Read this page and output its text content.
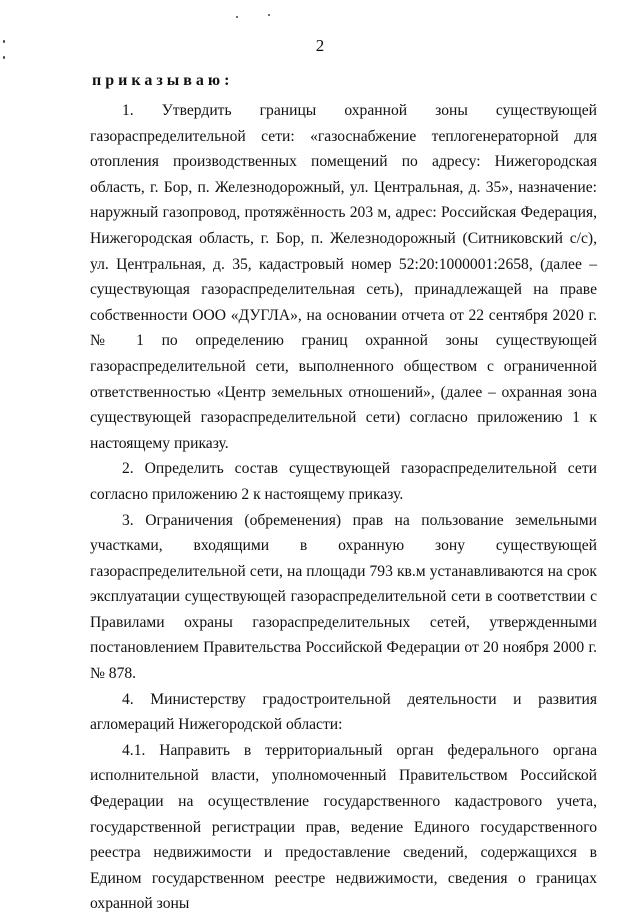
2
приказываю:

1. Утвердить границы охранной зоны существующей газораспределительной сети: «газоснабжение теплогенераторной для отопления производственных помещений по адресу: Нижегородская область, г. Бор, п. Железнодорожный, ул. Центральная, д. 35», назначение: наружный газопровод, протяжённость 203 м, адрес: Российская Федерация, Нижегородская область, г. Бор, п. Железнодорожный (Ситниковский с/с), ул. Центральная, д. 35, кадастровый номер 52:20:1000001:2658, (далее – существующая газораспределительная сеть), принадлежащей на праве собственности ООО «ДУГЛА», на основании отчета от 22 сентября 2020 г. № 1 по определению границ охранной зоны существующей газораспределительной сети, выполненного обществом с ограниченной ответственностью «Центр земельных отношений», (далее – охранная зона существующей газораспределительной сети) согласно приложению 1 к настоящему приказу.

2. Определить состав существующей газораспределительной сети согласно приложению 2 к настоящему приказу.

3. Ограничения (обременения) прав на пользование земельными участками, входящими в охранную зону существующей газораспределительной сети, на площади 793 кв.м устанавливаются на срок эксплуатации существующей газораспределительной сети в соответствии с Правилами охраны газораспределительных сетей, утвержденными постановлением Правительства Российской Федерации от 20 ноября 2000 г. № 878.

4. Министерству градостроительной деятельности и развития агломераций Нижегородской области:

4.1. Направить в территориальный орган федерального органа исполнительной власти, уполномоченный Правительством Российской Федерации на осуществление государственного кадастрового учета, государственной регистрации прав, ведение Единого государственного реестра недвижимости и предоставление сведений, содержащихся в Едином государственном реестре недвижимости, сведения о границах охранной зоны
